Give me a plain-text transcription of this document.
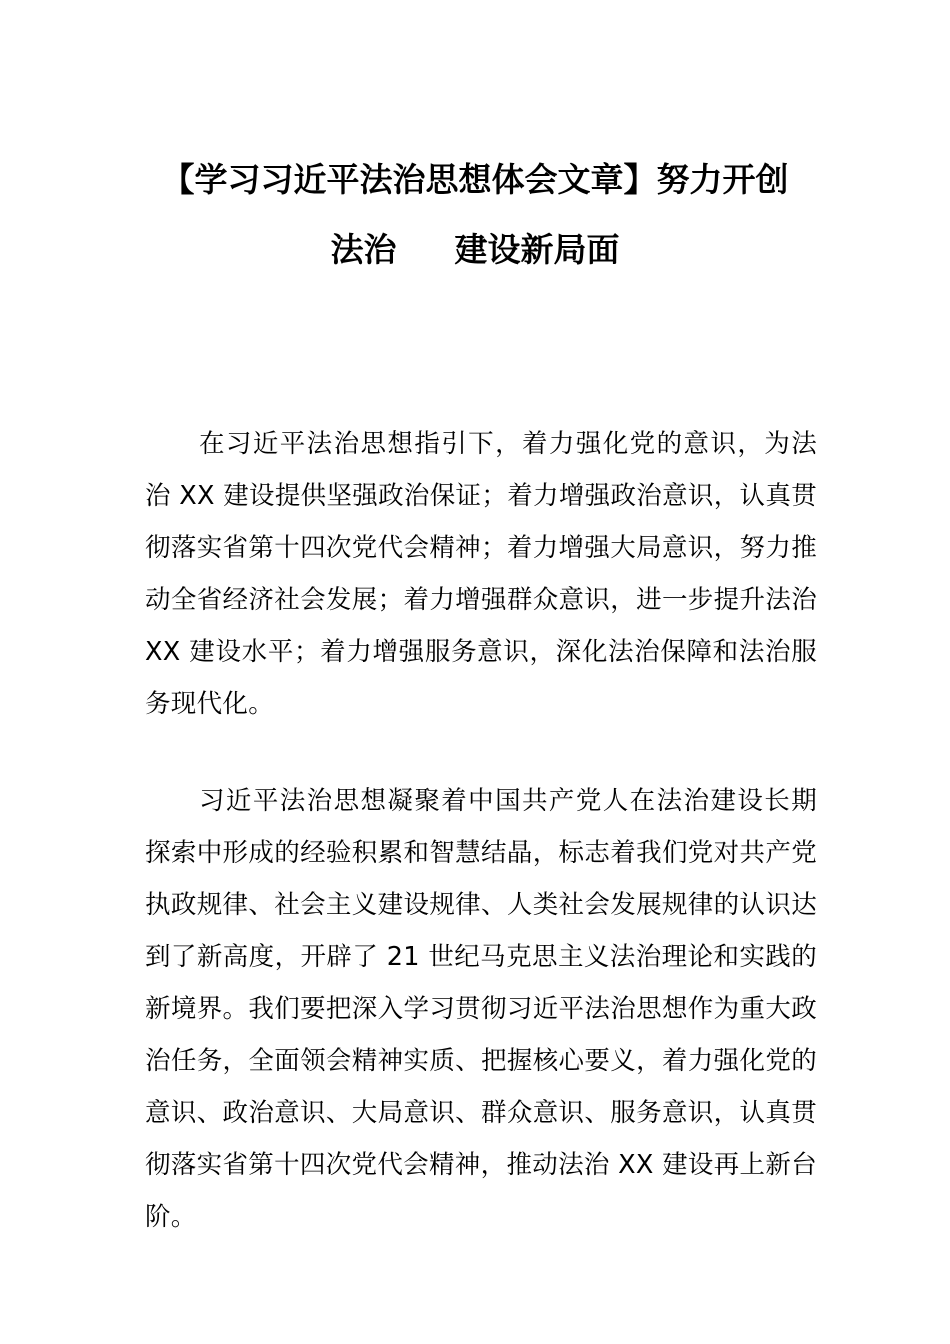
【学习习近平法治思想体会文章】努力开创
法治 建设新局面

在习近平法治思想指引下，着力强化党的意识，为法治 XX 建设提供坚强政治保证；着力增强政治意识，认真贯彻落实省第十四次党代会精神；着力增强大局意识，努力推动全省经济社会发展；着力增强群众意识，进一步提升法治 XX 建设水平；着力增强服务意识，深化法治保障和法治服务现代化。

习近平法治思想凝聚着中国共产党人在法治建设长期探索中形成的经验积累和智慧结晶，标志着我们党对共产党执政规律、社会主义建设规律、人类社会发展规律的认识达到了新高度，开辟了 21 世纪马克思主义法治理论和实践的新境界。我们要把深入学习贯彻习近平法治思想作为重大政治任务，全面领会精神实质、把握核心要义，着力强化党的意识、政治意识、大局意识、群众意识、服务意识，认真贯彻落实省第十四次党代会精神，推动法治 XX 建设再上新台阶。
